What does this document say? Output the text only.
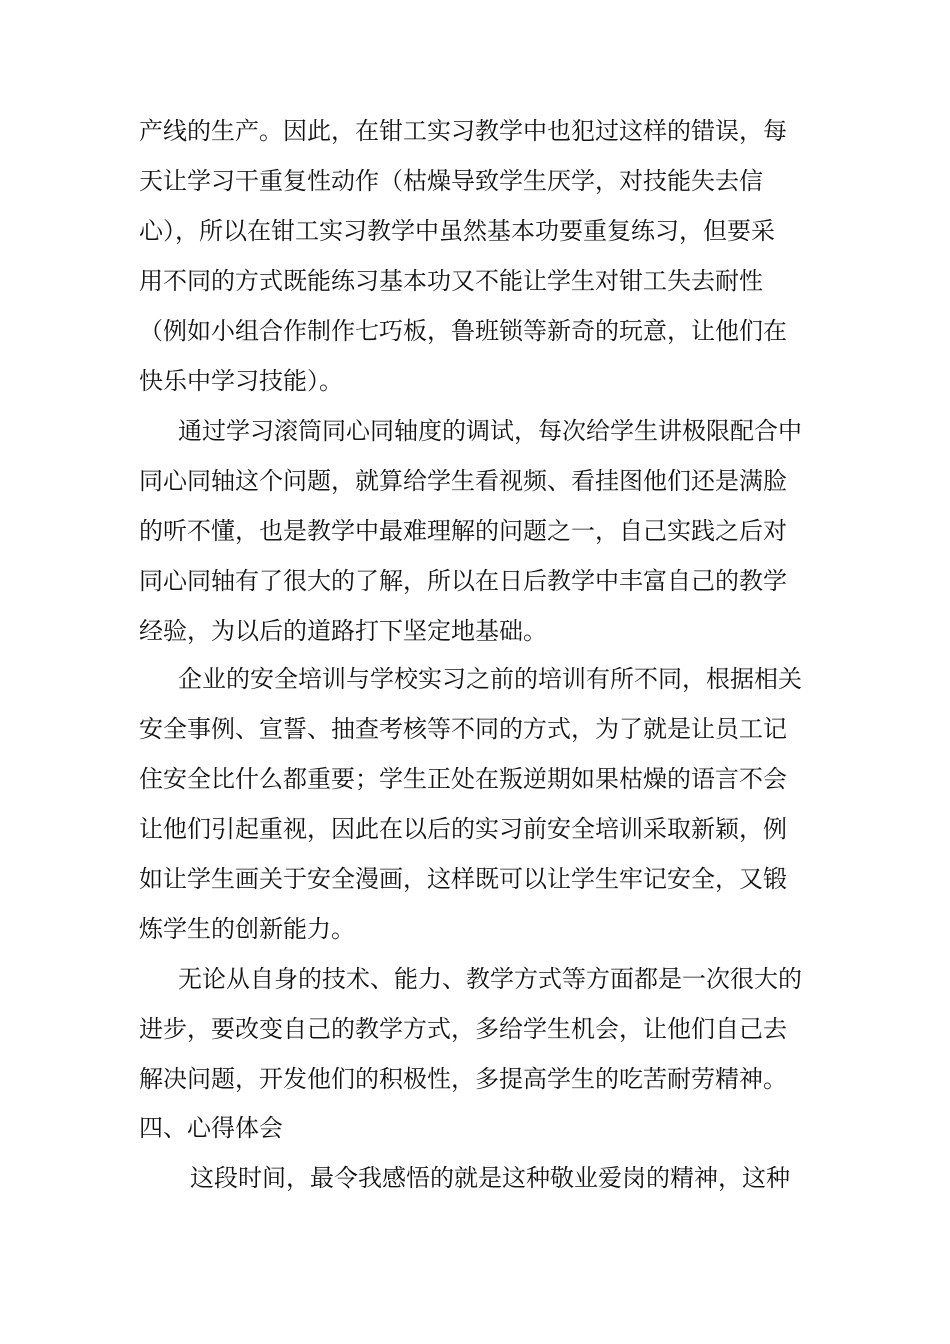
产线的生产。因此，在钳工实习教学中也犯过这样的错误，每
天让学习干重复性动作（枯燥导致学生厌学，对技能失去信
心），所以在钳工实习教学中虽然基本功要重复练习，但要采
用不同的方式既能练习基本功又不能让学生对钳工失去耐性
（例如小组合作制作七巧板，鲁班锁等新奇的玩意，让他们在
快乐中学习技能）。
通过学习滚筒同心同轴度的调试，每次给学生讲极限配合中
同心同轴这个问题，就算给学生看视频、看挂图他们还是满脸
的听不懂，也是教学中最难理解的问题之一，自己实践之后对
同心同轴有了很大的了解，所以在日后教学中丰富自己的教学
经验，为以后的道路打下坚定地基础。
企业的安全培训与学校实习之前的培训有所不同，根据相关
安全事例、宣誓、抽查考核等不同的方式，为了就是让员工记
住安全比什么都重要；学生正处在叛逆期如果枯燥的语言不会
让他们引起重视，因此在以后的实习前安全培训采取新颖，例
如让学生画关于安全漫画，这样既可以让学生牢记安全，又锻
炼学生的创新能力。
无论从自身的技术、能力、教学方式等方面都是一次很大的
进步，要改变自己的教学方式，多给学生机会，让他们自己去
解决问题，开发他们的积极性，多提高学生的吃苦耐劳精神。
四、心得体会
这段时间，最令我感悟的就是这种敬业爱岗的精神，这种
